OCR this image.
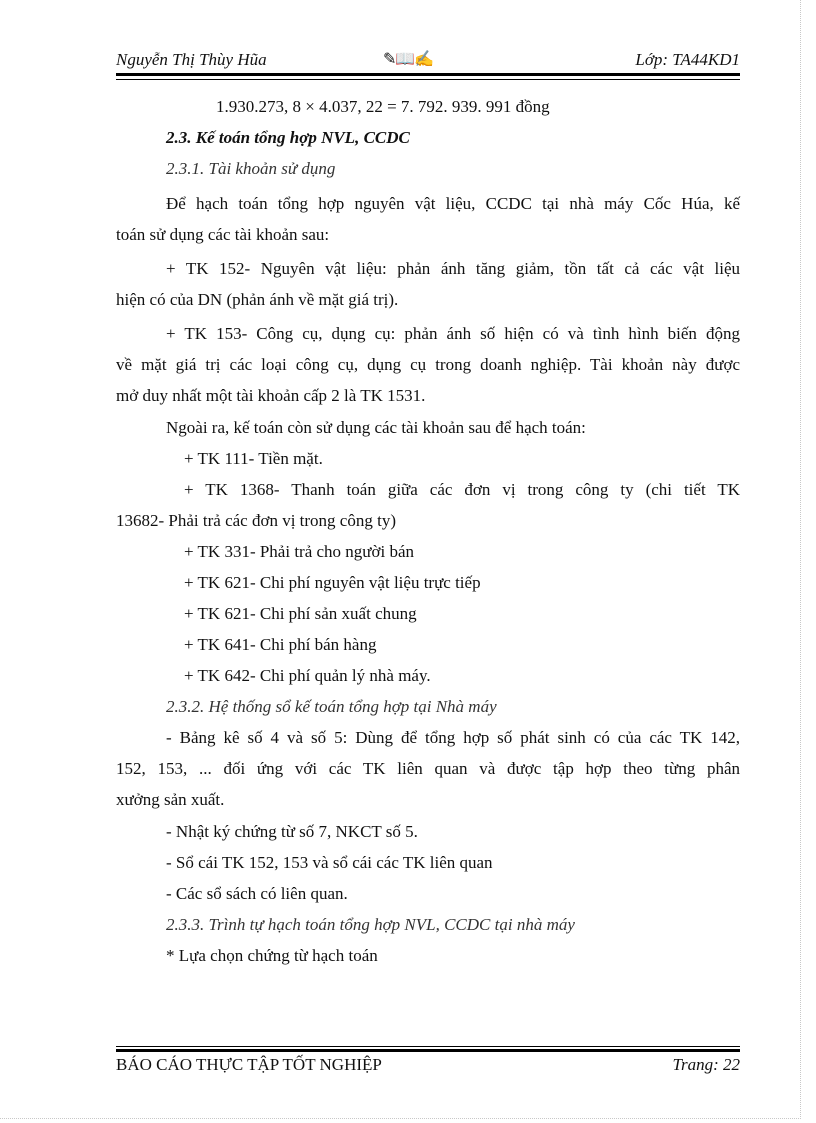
Nguyễn Thị Thùy Hũa	✎📖✍	Lớp: TA44KD1
1.930.273, 8 × 4.037, 22 = 7. 792. 939. 991 đồng
2.3. Kế toán tổng hợp NVL, CCDC
2.3.1. Tài khoản sử dụng
Để hạch toán tổng hợp nguyên vật liệu, CCDC tại nhà máy Cốc Húa, kế
toán sử dụng các tài khoản sau:
+ TK 152- Nguyên vật liệu: phản ánh tăng giảm, tồn tất cả các vật liệu
hiện có của DN (phản ánh về mặt giá trị).
+ TK 153- Công cụ, dụng cụ: phản ánh số hiện có và tình hình biến động
về mặt giá trị các loại công cụ, dụng cụ trong doanh nghiệp. Tài khoản này được
mở duy nhất một tài khoản cấp 2 là TK 1531.
Ngoài ra, kế toán còn sử dụng các tài khoản sau để hạch toán:
+ TK 111- Tiền mặt.
+ TK 1368- Thanh toán giữa các đơn vị trong công ty (chi tiết TK
13682- Phải trả các đơn vị trong công ty)
+ TK 331- Phải trả cho người bán
+ TK 621- Chi phí nguyên vật liệu trực tiếp
+ TK 621- Chi phí sản xuất chung
+ TK 641- Chi phí bán hàng
+ TK 642- Chi phí quản lý nhà máy.
2.3.2. Hệ thống sổ kế toán tổng hợp tại Nhà máy
- Bảng kê số 4 và số 5: Dùng để tổng hợp số phát sinh có của các TK 142,
152, 153, ... đối ứng với các TK liên quan và được tập hợp theo từng phân
xưởng sản xuất.
- Nhật ký chứng từ số 7, NKCT số 5.
- Sổ cái TK 152, 153 và sổ cái các TK liên quan
- Các sổ sách có liên quan.
2.3.3. Trình tự hạch toán tổng hợp NVL, CCDC tại nhà máy
* Lựa chọn chứng từ hạch toán
BÁO CÁO THỰC TẬP TỐT NGHIỆP	Trang: 22
